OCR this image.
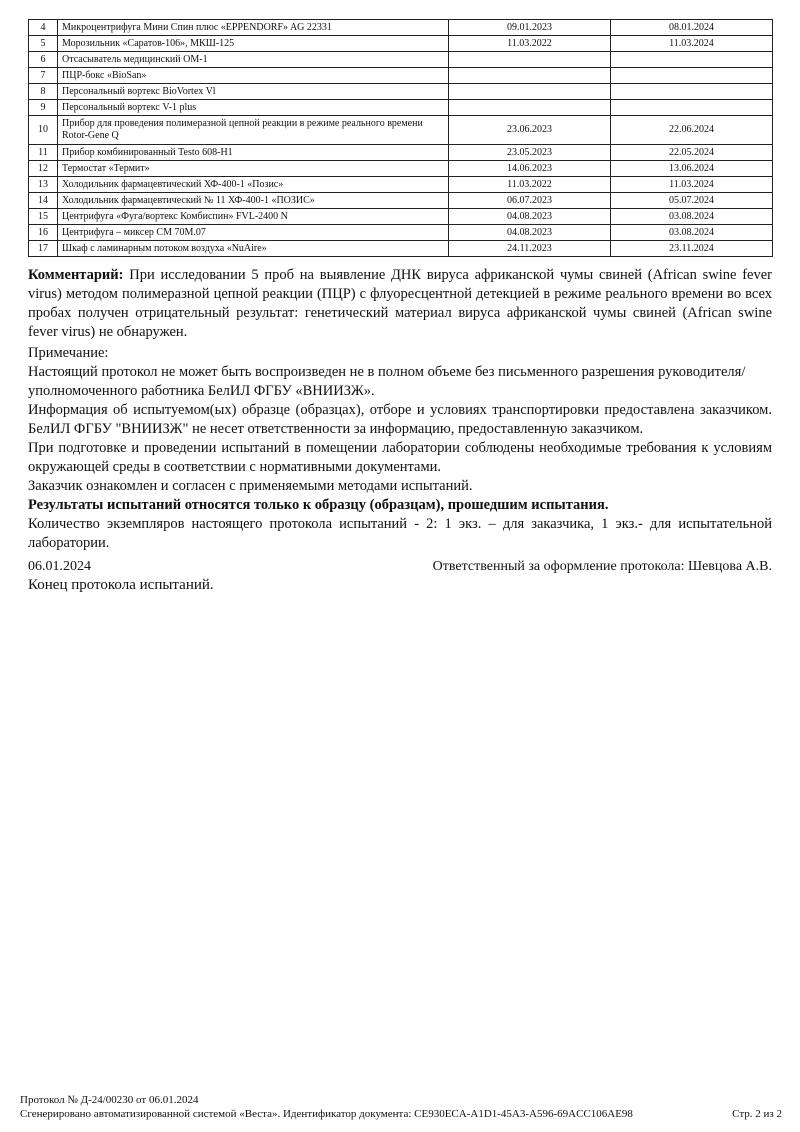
4	Микроцентрифуга Мини Спин плюс «EPPENDORF» AG 22331	09.01.2023	08.01.2024
5	Морозильник «Саратов-106», МКШ-125	11.03.2022	11.03.2024
6	Отсасыватель медицинский ОМ-1		
7	ПЦР-бокс «BioSan»		
8	Персональный вортекс BioVortex Vl		
9	Персональный вортекс V-1 plus		
10	Прибор для проведения полимеразной цепной реакции в режиме реального времени Rotor-Gene Q	23.06.2023	22.06.2024
11	Прибор комбинированный Testo 608-H1	23.05.2023	22.05.2024
12	Термостат «Термит»	14.06.2023	13.06.2024
13	Холодильник фармацевтический ХФ-400-1 «Позис»	11.03.2022	11.03.2024
14	Холодильник фармацевтический № 11 ХФ-400-1 «ПОЗИС»	06.07.2023	05.07.2024
15	Центрифуга «Фуга/вортекс Комбиспин» FVL-2400 N	04.08.2023	03.08.2024
16	Центрифуга – миксер СМ 70М.07	04.08.2023	03.08.2024
17	Шкаф с ламинарным потоком воздуха «NuAire»	24.11.2023	23.11.2024
Комментарий: При исследовании 5 проб на выявление ДНК вируса африканской чумы свиней (African swine fever virus) методом полимеразной цепной реакции (ПЦР) с флуоресцентной детекцией в режиме реального времени во всех пробах получен отрицательный результат: генетический материал вируса африканской чумы свиней (African swine fever virus) не обнаружен.

Примечание:

Настоящий протокол не может быть воспроизведен не в полном объеме без письменного разрешения руководителя/уполномоченного работника БелИЛ ФГБУ «ВНИИЗЖ».

Информация об испытуемом(ых) образце (образцах), отборе и условиях транспортировки предоставлена заказчиком. БелИЛ ФГБУ "ВНИИЗЖ" не несет ответственности за информацию, предоставленную заказчиком.

При подготовке и проведении испытаний в помещении лаборатории соблюдены необходимые требования к условиям окружающей среды в соответствии с нормативными документами.

Заказчик ознакомлен и согласен с применяемыми методами испытаний.

Результаты испытаний относятся только к образцу (образцам), прошедшим испытания.

Количество экземпляров настоящего протокола испытаний - 2: 1 экз. – для заказчика, 1 экз.- для испытательной лаборатории.

06.01.2024	Ответственный за оформление протокола: Шевцова А.В.
Конец протокола испытаний.
Протокол № Д-24/00230 от 06.01.2024
Сгенерировано автоматизированной системой «Веста». Идентификатор документа: CE930ECA-A1D1-45A3-A596-69ACC106AE98	Стр. 2 из 2
